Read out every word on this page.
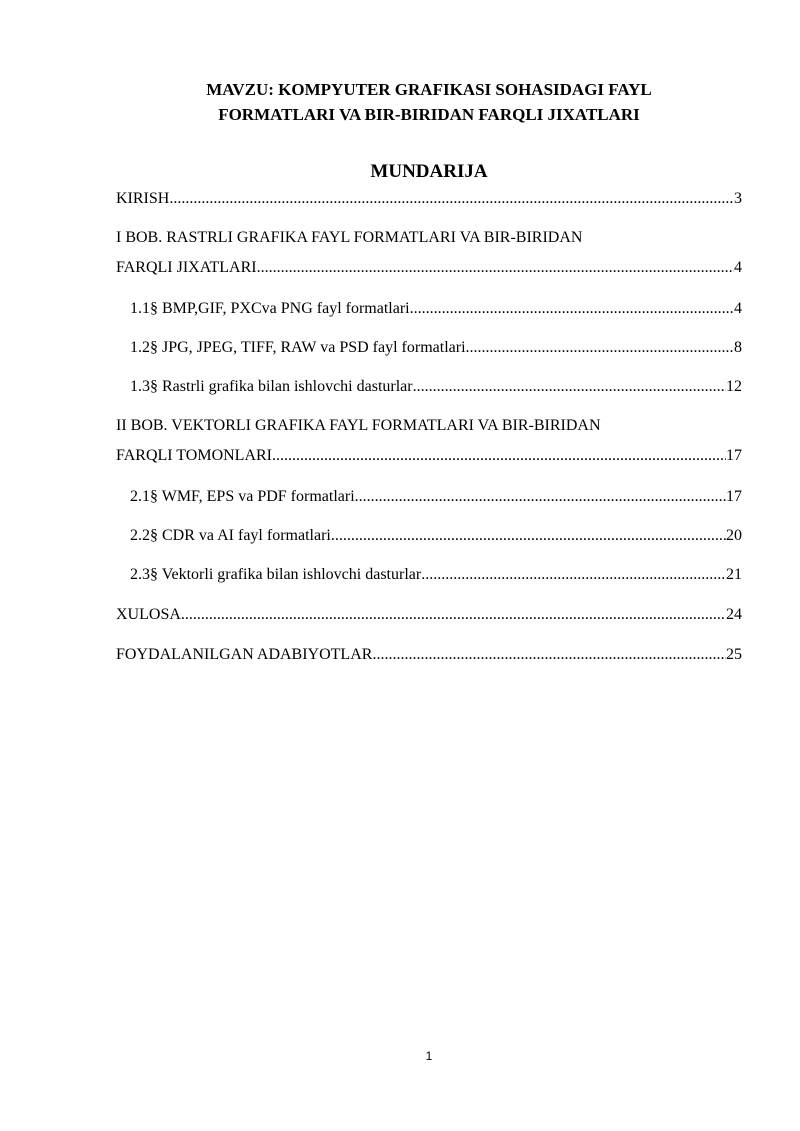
MAVZU: KOMPYUTER GRAFIKASI SOHASIDAGI FAYL
FORMATLARI VA BIR-BIRIDAN FARQLI JIXATLARI
MUNDARIJA
KIRISH .....	3
I BOB. RASTRLI GRAFIKA FAYL FORMATLARI VA BIR-BIRIDAN
FARQLI JIXATLARI .....	4
1.1§ BMP,GIF, PXCva PNG fayl formatlari .....	4
1.2§ JPG, JPEG, TIFF, RAW va PSD fayl formatlari .....	8
1.3§ Rastrli grafika bilan ishlovchi dasturlar .....	12
II BOB. VEKTORLI GRAFIKA FAYL FORMATLARI VA BIR-BIRIDAN
FARQLI TOMONLARI .....	17
2.1§ WMF, EPS va PDF formatlari .....	17
2.2§ CDR va AI fayl formatlari .....	20
2.3§ Vektorli grafika bilan ishlovchi dasturlar .....	21
XULOSA .....	24
FOYDALANILGAN ADABIYOTLAR .....	25
1
